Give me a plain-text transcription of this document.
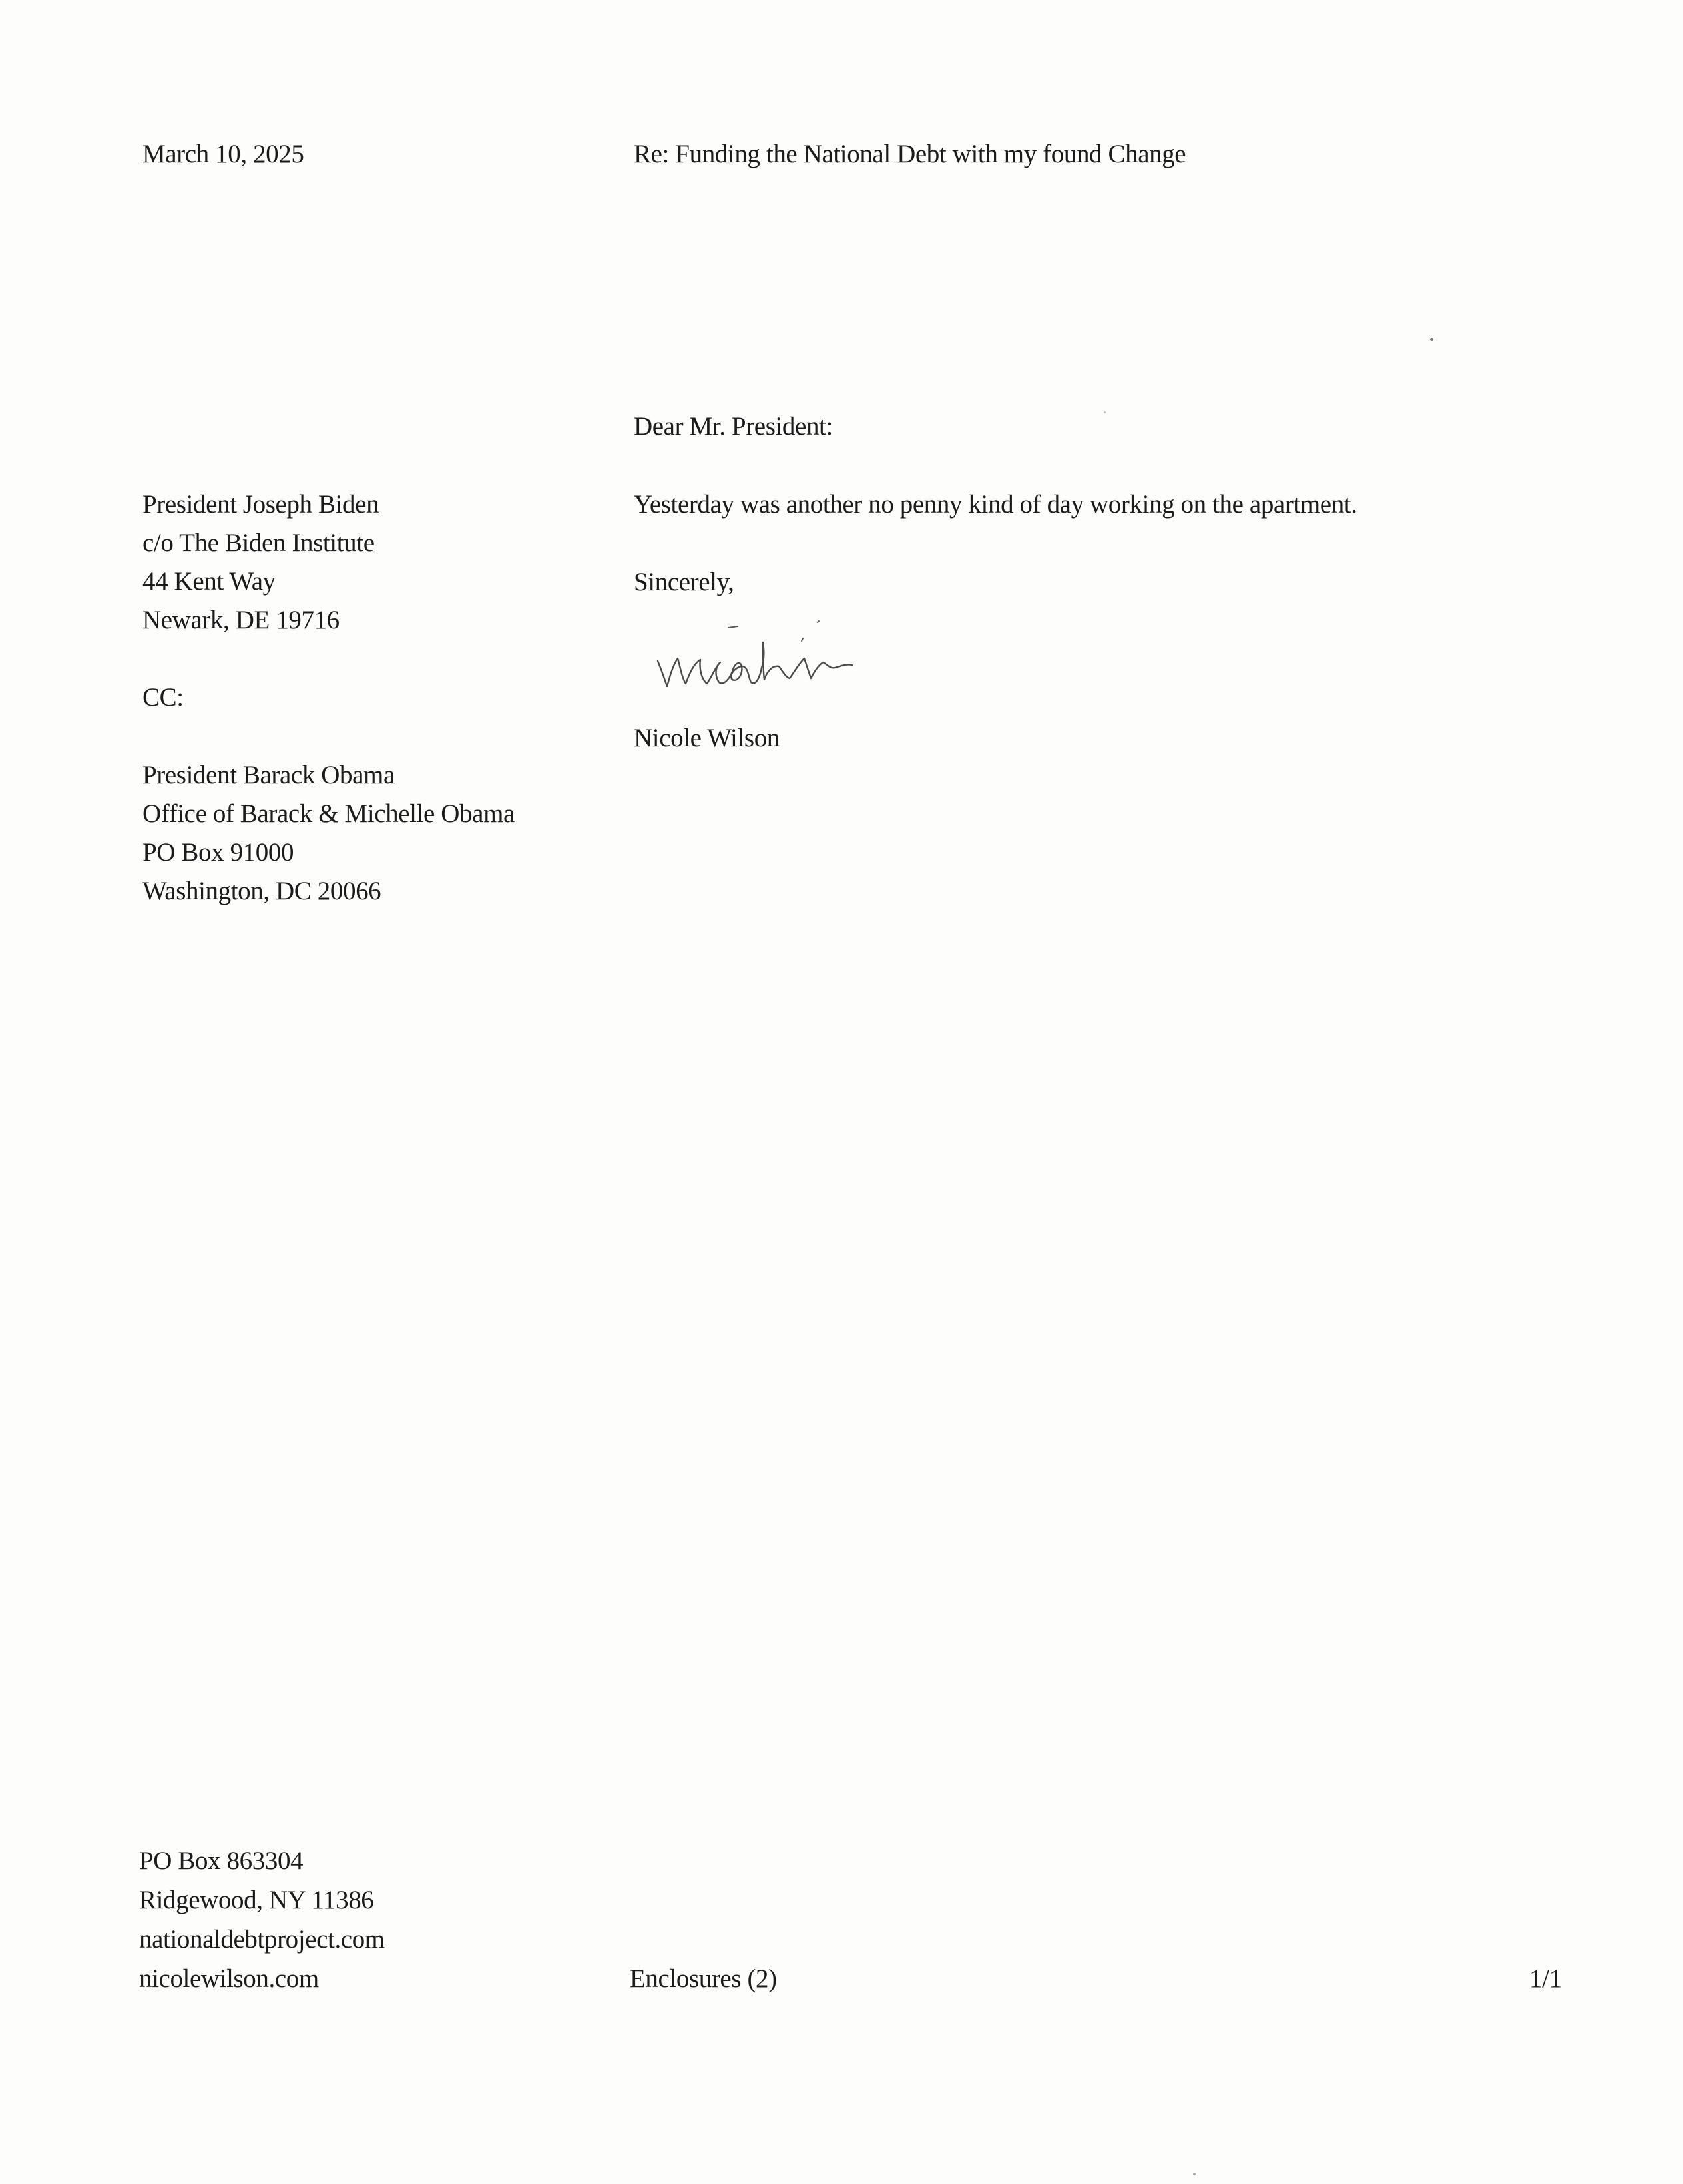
March 10, 2025	Re: Funding the National Debt with my found Change
Dear Mr. President:
President Joseph Biden
c/o The Biden Institute
44 Kent Way
Newark, DE 19716
Yesterday was another no penny kind of day working on the apartment.
Sincerely,
CC:
Nicole Wilson
President Barack Obama
Office of Barack & Michelle Obama
PO Box 91000
Washington, DC 20066
PO Box 863304
Ridgewood, NY 11386
nationaldebtproject.com
nicolewilson.com	Enclosures (2)	1/1
